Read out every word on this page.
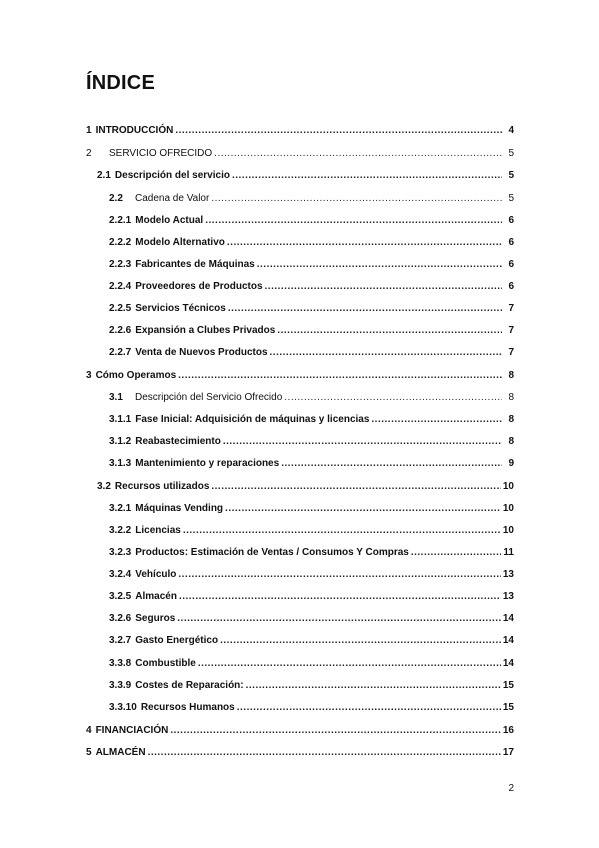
ÍNDICE
1 INTRODUCCIÓN .....	4
2	SERVICIO OFRECIDO .....	5
2.1 Descripción del servicio .....	5
2.2	Cadena de Valor .....	5
2.2.1 Modelo Actual .....	6
2.2.2 Modelo Alternativo .....	6
2.2.3 Fabricantes de Máquinas .....	6
2.2.4 Proveedores de Productos .....	6
2.2.5 Servicios Técnicos .....	7
2.2.6 Expansión a Clubes Privados .....	7
2.2.7 Venta de Nuevos Productos .....	7
3 Cómo Operamos .....	8
3.1	Descripción del Servicio Ofrecido .....	8
3.1.1 Fase Inicial: Adquisición de máquinas y licencias .....	8
3.1.2 Reabastecimiento .....	8
3.1.3 Mantenimiento y reparaciones .....	9
3.2 Recursos utilizados .....	10
3.2.1 Máquinas Vending .....	10
3.2.2 Licencias .....	10
3.2.3 Productos: Estimación de Ventas / Consumos Y Compras .....	11
3.2.4 Vehículo .....	13
3.2.5 Almacén .....	13
3.2.6 Seguros .....	14
3.2.7 Gasto Energético .....	14
3.3.8 Combustible .....	14
3.3.9 Costes de Reparación: .....	15
3.3.10 Recursos Humanos .....	15
4 FINANCIACIÓN .....	16
5 ALMACÉN .....	17
2
